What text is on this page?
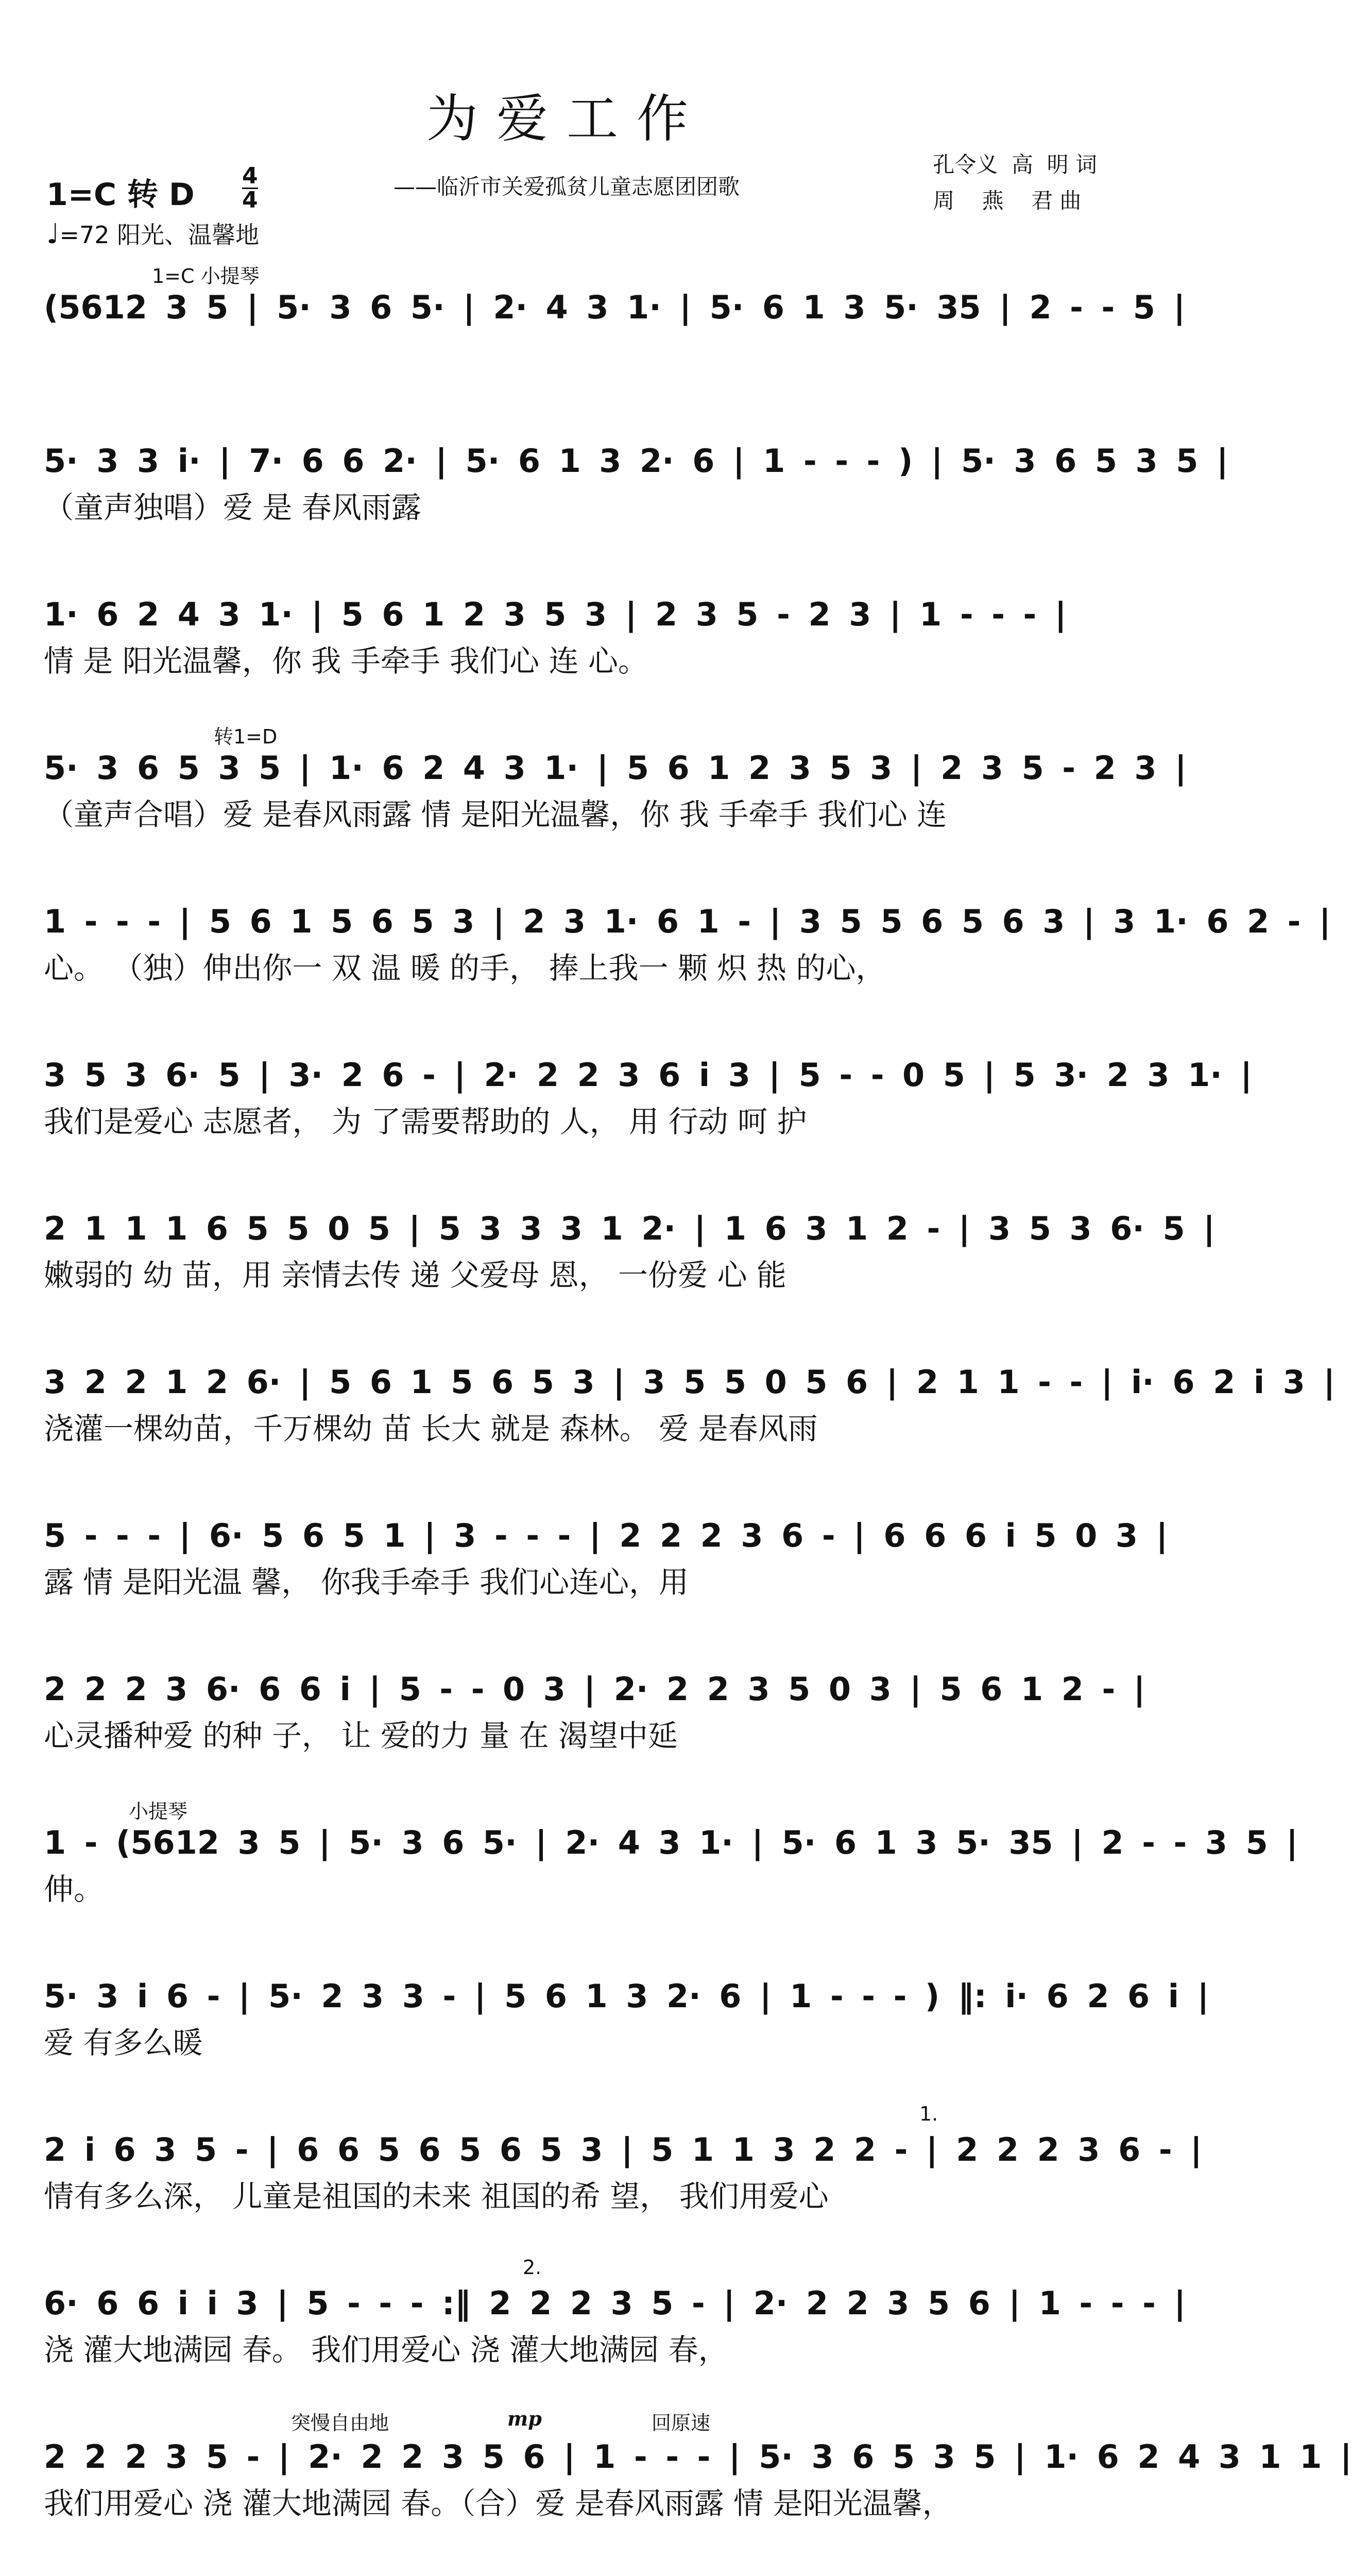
为爱工作
——临沂市关爱孤贫儿童志愿团团歌
孔令义  高  明 词
周    燕    君 曲
1=C 转 D
4
4
♩=72 阳光、温馨地
(5612 3 5 | 5· 3 6 5· | 2· 4 3 1· | 5· 6 1 3 5· 35 | 2 - - 5 |
1=C 小提琴
5· 3 3 i· | 7· 6 6 2· | 5· 6 1 3 2· 6 | 1 - - - ) | 5· 3 6 5 3 5 |
（童声独唱）爱 是 春风雨露
1· 6 2 4 3 1· | 5 6 1 2 3 5 3 | 2 3 5 - 2 3 | 1 - - - |
情 是 阳光温馨，你 我 手牵手 我们心 连 心。
5· 3 6 5 3 5 | 1· 6 2 4 3 1· | 5 6 1 2 3 5 3 | 2 3 5 - 2 3 |
（童声合唱）爱 是春风雨露 情 是阳光温馨，你 我 手牵手 我们心 连
转1=D
1 - - - | 5 6 1 5 6 5 3 | 2 3 1· 6 1 - | 3 5 5 6 5 6 3 | 3 1· 6 2 - |
心。 （独）伸出你一 双 温 暖 的手， 捧上我一 颗 炽 热 的心，
3 5 3 6· 5 | 3· 2 6 - | 2· 2 2 3 6 i 3 | 5 - - 0 5 | 5 3· 2 3 1· |
我们是爱心 志愿者， 为 了需要帮助的 人， 用 行动 呵 护
2 1 1 1 6 5 5 0 5 | 5 3 3 3 1 2· | 1 6 3 1 2 - | 3 5 3 6· 5 |
嫩弱的 幼 苗，用 亲情去传 递 父爱母 恩， 一份爱 心 能
3 2 2 1 2 6· | 5 6 1 5 6 5 3 | 3 5 5 0 5 6 | 2 1 1 - - | i· 6 2 i 3 |
浇灌一棵幼苗，千万棵幼 苗 长大 就是 森林。 爱 是春风雨
5 - - - | 6· 5 6 5 1 | 3 - - - | 2 2 2 3 6 - | 6 6 6 i 5 0 3 |
露 情 是阳光温 馨， 你我手牵手 我们心连心，用
2 2 2 3 6· 6 6 i | 5 - - 0 3 | 2· 2 2 3 5 0 3 | 5 6 1 2 - |
心灵播种爱 的种 子， 让 爱的力 量 在 渴望中延
1 - (5612 3 5 | 5· 3 6 5· | 2· 4 3 1· | 5· 6 1 3 5· 35 | 2 - - 3 5 |
伸。
小提琴
5· 3 i 6 - | 5· 2 3 3 - | 5 6 1 3 2· 6 | 1 - - - ) ‖: i· 6 2 6 i |
爱 有多么暖
2 i 6 3 5 - | 6 6 5 6 5 6 5 3 | 5 1 1 3 2 2 - | 2 2 2 3 6 - |
情有多么深， 儿童是祖国的未来 祖国的希 望， 我们用爱心
1.
6· 6 6 i i 3 | 5 - - - :‖ 2 2 2 3 5 - | 2· 2 2 3 5 6 | 1 - - - |
浇 灌大地满园 春。 我们用爱心 浇 灌大地满园 春，
2.
2 2 2 3 5 - | 2· 2 2 3 5 6 | 1 - - - | 5· 3 6 5 3 5 | 1· 6 2 4 3 1 1 |
我们用爱心 浇 灌大地满园 春。（合）爱 是春风雨露 情 是阳光温馨，
突慢自由地	mp	回原速
